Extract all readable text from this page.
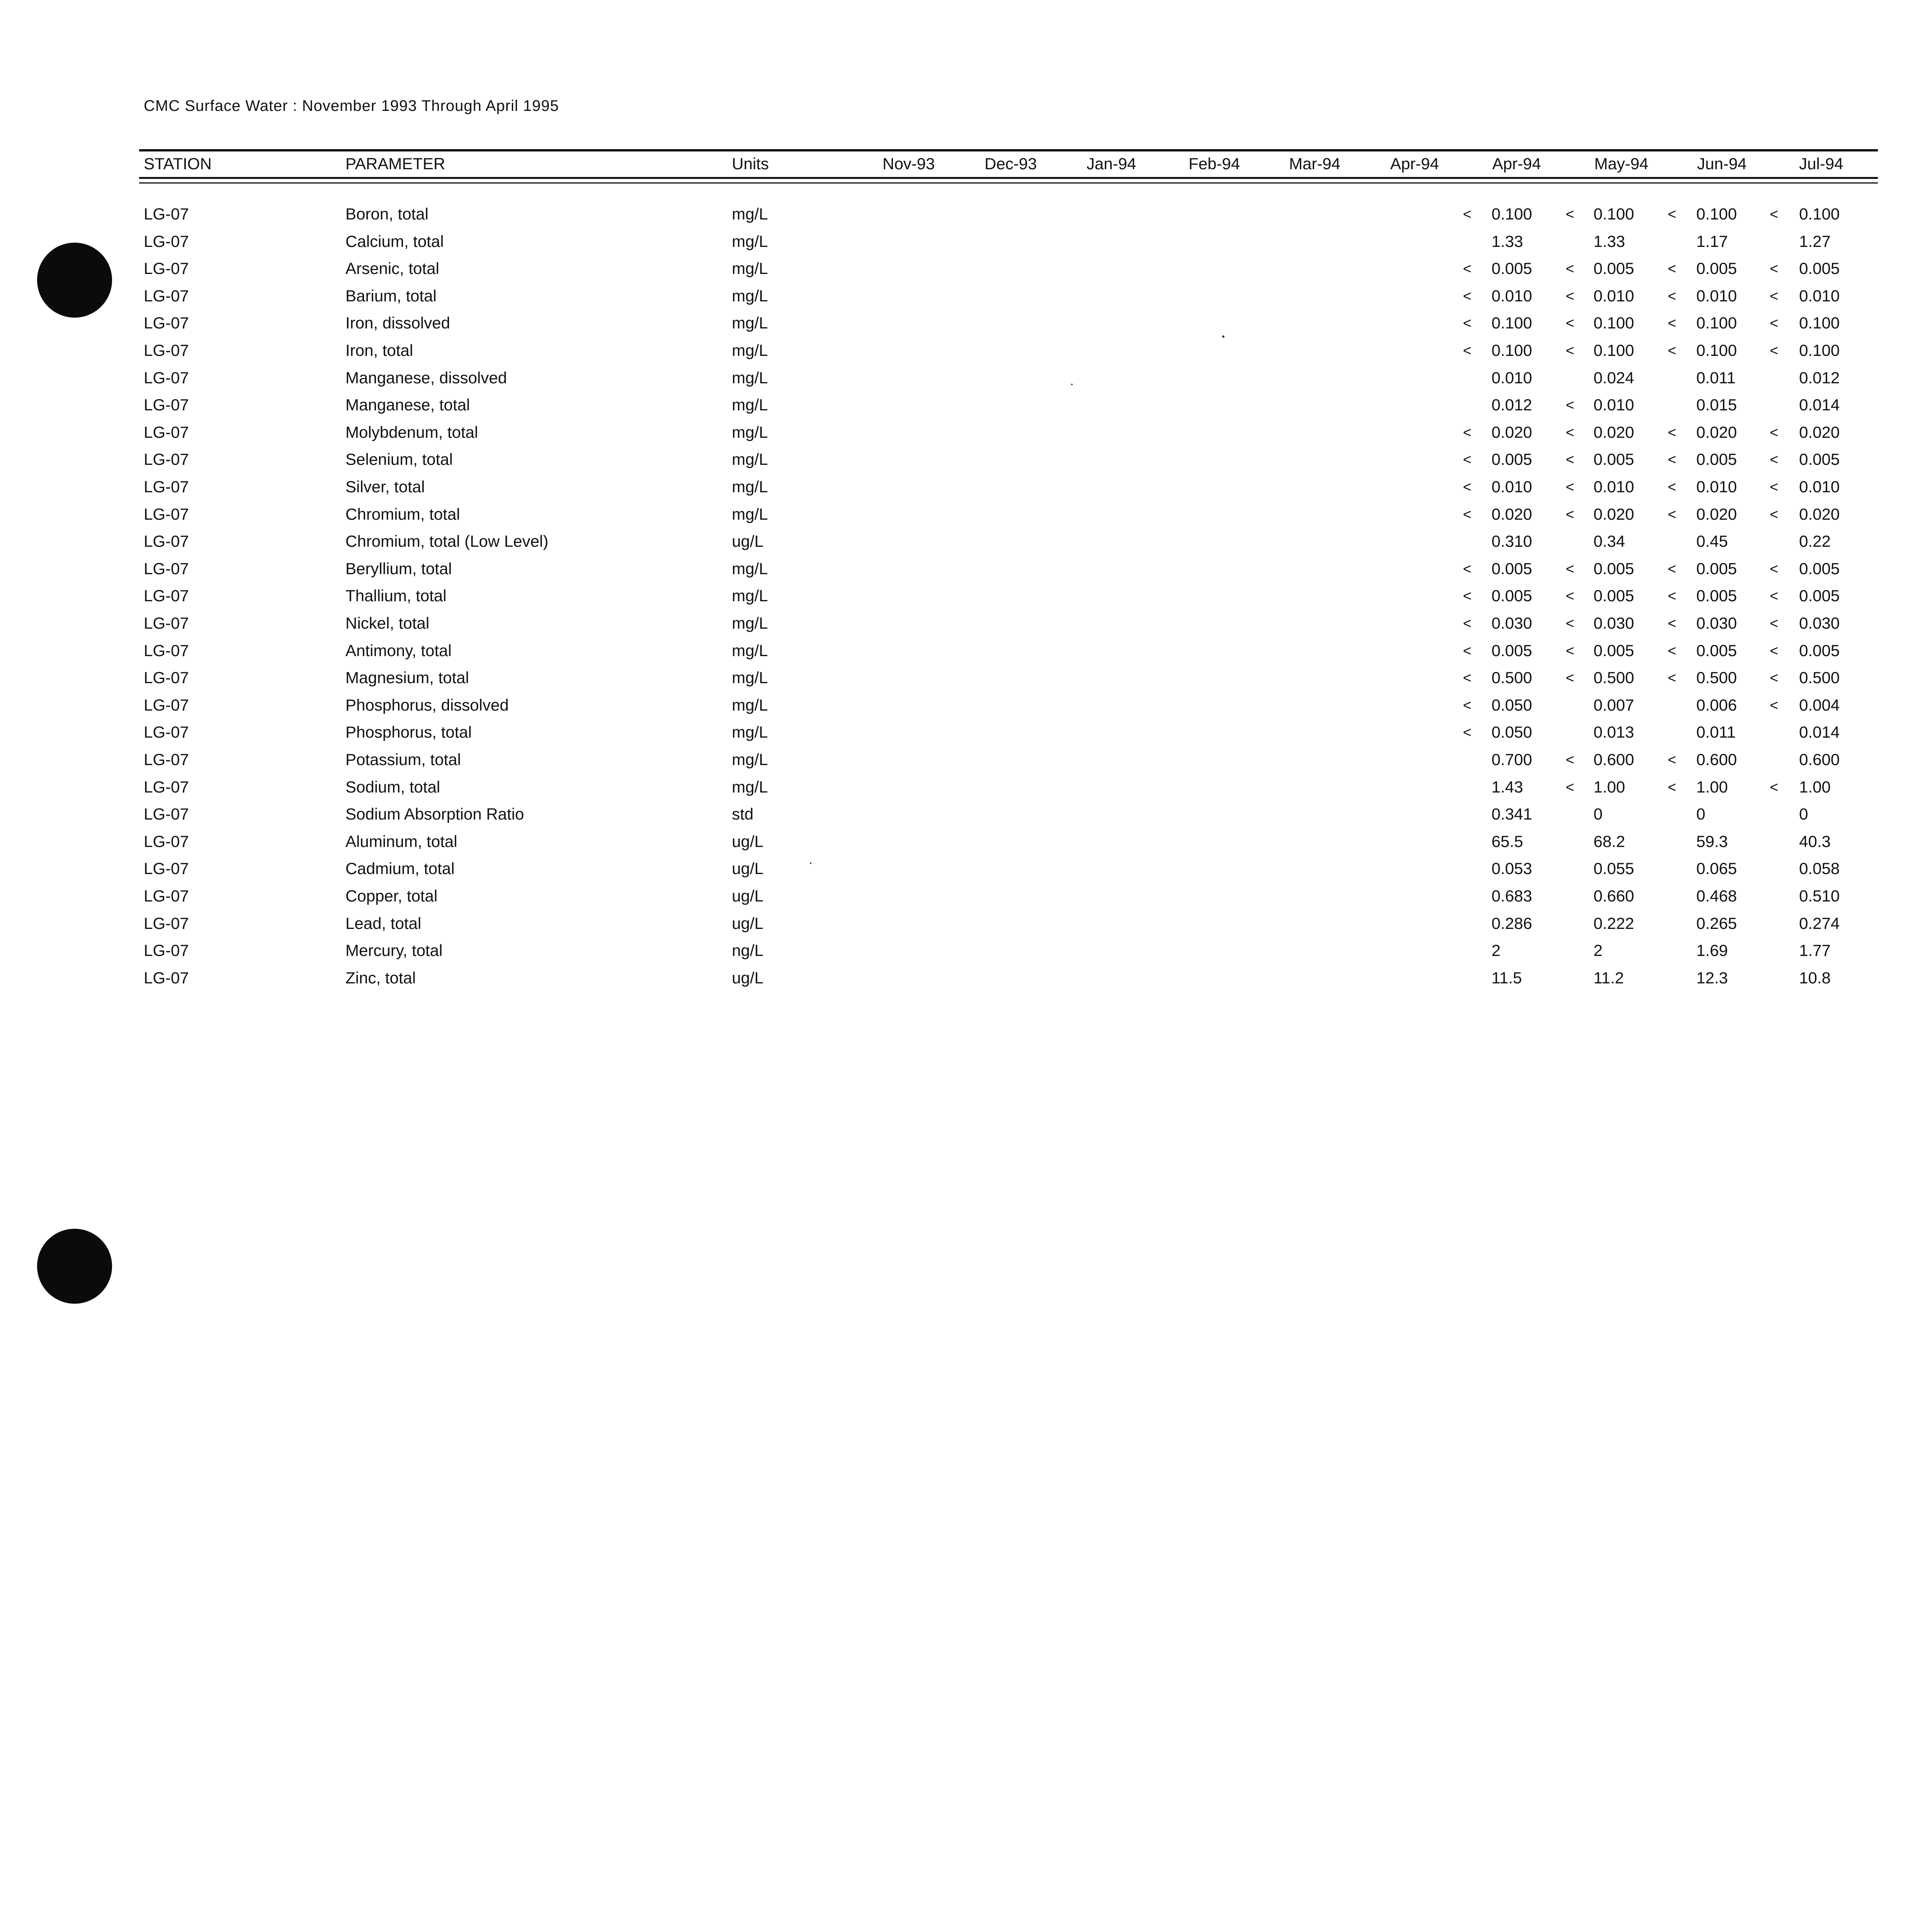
CMC Surface Water : November 1993 Through April 1995
STATION	PARAMETER	Units	Nov-93	Dec-93	Jan-94	Feb-94	Mar-94	Apr-94	Apr-94	May-94	Jun-94	Jul-94
LG-07	Boron, total	mg/L	< 0.100 < 0.100 < 0.100 < 0.100
LG-07	Calcium, total	mg/L	1.33	1.33	1.17	1.27
LG-07	Arsenic, total	mg/L	< 0.005 < 0.005 < 0.005 < 0.005
LG-07	Barium, total	mg/L	< 0.010 < 0.010 < 0.010 < 0.010
LG-07	Iron, dissolved	mg/L	< 0.100 < 0.100 < 0.100 < 0.100
LG-07	Iron, total	mg/L	< 0.100 < 0.100 < 0.100 < 0.100
LG-07	Manganese, dissolved	mg/L	0.010	0.024	0.011	0.012
LG-07	Manganese, total	mg/L	0.012 < 0.010	0.015	0.014
LG-07	Molybdenum, total	mg/L	< 0.020 < 0.020 < 0.020 < 0.020
LG-07	Selenium, total	mg/L	< 0.005 < 0.005 < 0.005 < 0.005
LG-07	Silver, total	mg/L	< 0.010 < 0.010 < 0.010 < 0.010
LG-07	Chromium, total	mg/L	< 0.020 < 0.020 < 0.020 < 0.020
LG-07	Chromium, total (Low Level)	ug/L	0.310	0.34	0.45	0.22
LG-07	Beryllium, total	mg/L	< 0.005 < 0.005 < 0.005 < 0.005
LG-07	Thallium, total	mg/L	< 0.005 < 0.005 < 0.005 < 0.005
LG-07	Nickel, total	mg/L	< 0.030 < 0.030 < 0.030 < 0.030
LG-07	Antimony, total	mg/L	< 0.005 < 0.005 < 0.005 < 0.005
LG-07	Magnesium, total	mg/L	< 0.500 < 0.500 < 0.500 < 0.500
LG-07	Phosphorus, dissolved	mg/L	< 0.050	0.007	0.006 < 0.004
LG-07	Phosphorus, total	mg/L	< 0.050	0.013	0.011	0.014
LG-07	Potassium, total	mg/L	0.700 < 0.600 < 0.600	0.600
LG-07	Sodium, total	mg/L	1.43	< 1.00	< 1.00	< 1.00
LG-07	Sodium Absorption Ratio	std	0.341	0	0	0
LG-07	Aluminum, total	ug/L	65.5	68.2	59.3	40.3
LG-07	Cadmium, total	ug/L	0.053	0.055	0.065	0.058
LG-07	Copper, total	ug/L	0.683	0.660	0.468	0.510
LG-07	Lead, total	ug/L	0.286	0.222	0.265	0.274
LG-07	Mercury, total	ng/L	2	2	1.69	1.77
LG-07	Zinc, total	ug/L	11.5	11.2	12.3	10.8
